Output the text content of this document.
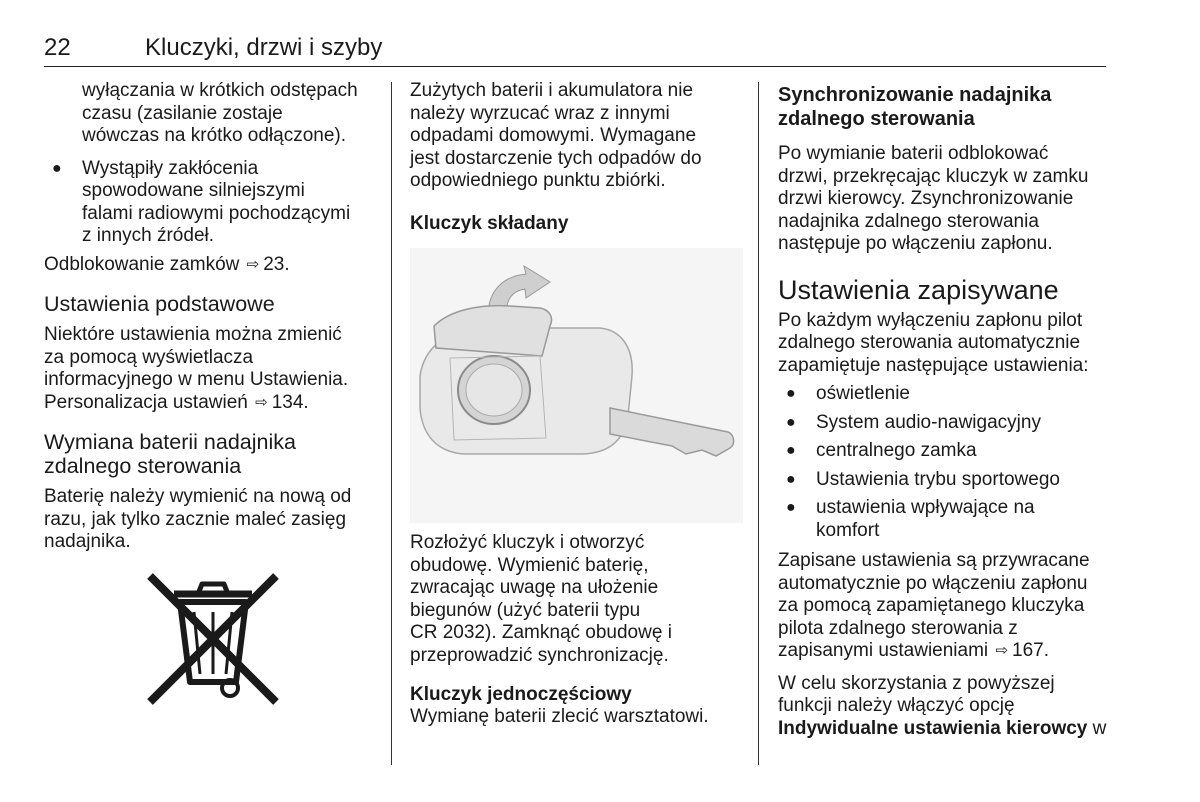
22	Kluczyki, drzwi i szyby

wyłączania w krótkich odstępach
czasu (zasilanie zostaje
wówczas na krótko odłączone).

● Wystąpiły zakłócenia
spowodowane silniejszymi
falami radiowymi pochodzącymi
z innych źródeł.

Odblokowanie zamków ⇨ 23.

Ustawienia podstawowe

Niektóre ustawienia można zmienić
za pomocą wyświetlacza
informacyjnego w menu Ustawienia.
Personalizacja ustawień ⇨ 134.

Wymiana baterii nadajnika
zdalnego sterowania

Baterię należy wymienić na nową od
razu, jak tylko zacznie maleć zasięg
nadajnika.

Zużytych baterii i akumulatora nie
należy wyrzucać wraz z innymi
odpadami domowymi. Wymagane
jest dostarczenie tych odpadów do
odpowiedniego punktu zbiórki.

Kluczyk składany

Rozłożyć kluczyk i otworzyć
obudowę. Wymienić baterię,
zwracając uwagę na ułożenie
biegunów (użyć baterii typu
CR 2032). Zamknąć obudowę i
przeprowadzić synchronizację.

Kluczyk jednoczęściowy

Wymianę baterii zlecić warsztatowi.

Synchronizowanie nadajnika
zdalnego sterowania

Po wymianie baterii odblokować
drzwi, przekręcając kluczyk w zamku
drzwi kierowcy. Zsynchronizowanie
nadajnika zdalnego sterowania
następuje po włączeniu zapłonu.

Ustawienia zapisywane

Po każdym wyłączeniu zapłonu pilot
zdalnego sterowania automatycznie
zapamiętuje następujące ustawienia:

● oświetlenie
● System audio-nawigacyjny
● centralnego zamka
● Ustawienia trybu sportowego
● ustawienia wpływające na
komfort

Zapisane ustawienia są przywracane
automatycznie po włączeniu zapłonu
za pomocą zapamiętanego kluczyka
pilota zdalnego sterowania z
zapisanymi ustawieniami ⇨ 167.

W celu skorzystania z powyższej
funkcji należy włączyć opcję
Indywidualne ustawienia kierowcy w
